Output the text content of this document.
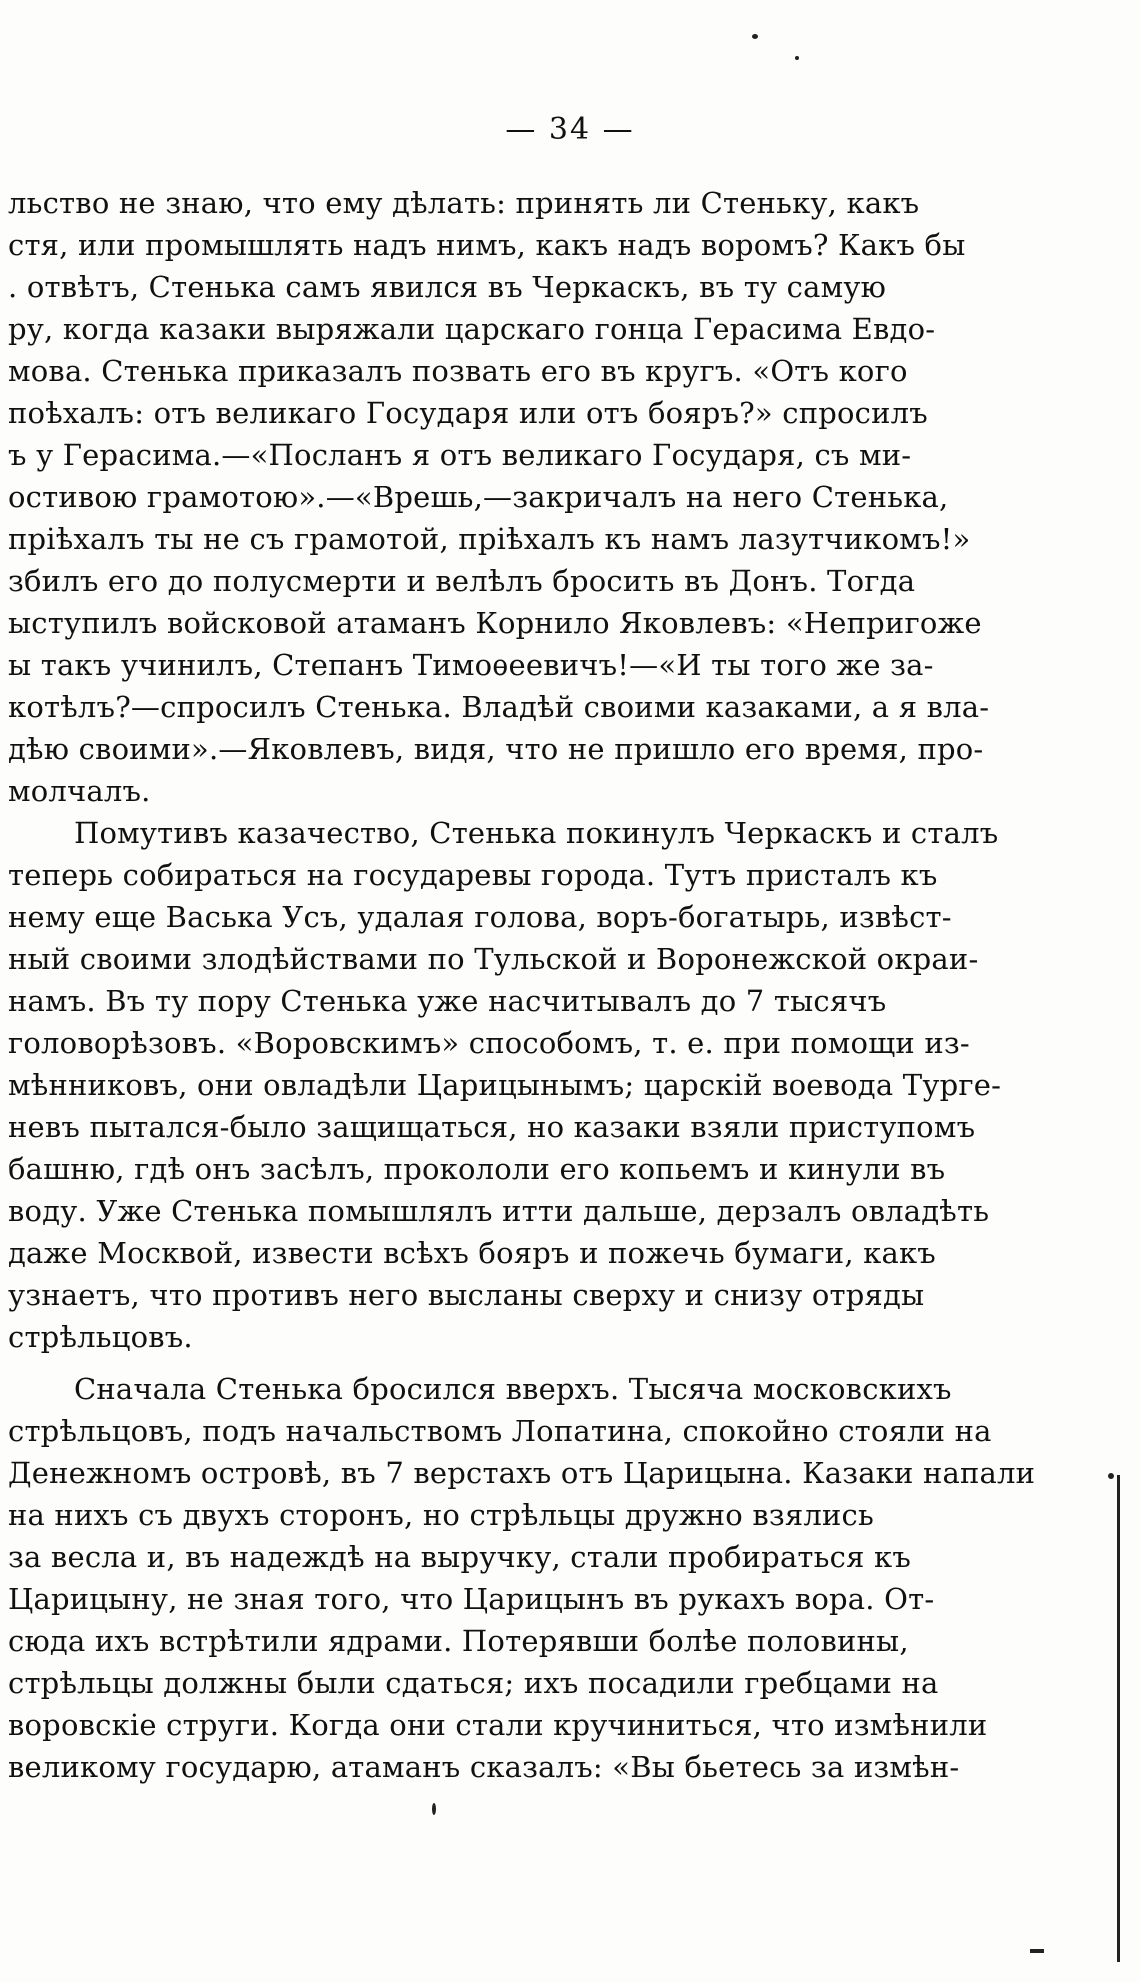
— 34 —
льство не знаю, что ему дѣлать: принять ли Стеньку, какъ
стя, или промышлять надъ нимъ, какъ надъ воромъ? Какъ бы
. отвѣтъ, Стенька самъ явился въ Черкаскъ, въ ту самую
ру, когда казаки выряжали царскаго гонца Герасима Евдо-
мова. Стенька приказалъ позвать его въ кругъ. «Отъ кого
поѣхалъ: отъ великаго Государя или отъ бояръ?» спросилъ
ъ у Герасима.—«Посланъ я отъ великаго Государя, съ ми-
остивою грамотою».—«Врешь,—закричалъ на него Стенька,
пріѣхалъ ты не съ грамотой, пріѣхалъ къ намъ лазутчикомъ!»
збилъ его до полусмерти и велѣлъ бросить въ Донъ. Тогда
ыступилъ войсковой атаманъ Корнило Яковлевъ: «Непригоже
ы такъ учинилъ, Степанъ Тимоѳеевичъ!—«И ты того же за-
котѣлъ?—спросилъ Стенька. Владѣй своими казаками, а я вла-
дѣю своими».—Яковлевъ, видя, что не пришло его время, про-
молчалъ.
Помутивъ казачество, Стенька покинулъ Черкаскъ и сталъ
теперь собираться на государевы города. Тутъ присталъ къ
нему еще Васька Усъ, удалая голова, воръ-богатырь, извѣст-
ный своими злодѣйствами по Тульской и Воронежской окраи-
намъ. Въ ту пору Стенька уже насчитывалъ до 7 тысячъ
головорѣзовъ. «Воровскимъ» способомъ, т. е. при помощи из-
мѣнниковъ, они овладѣли Царицынымъ; царскій воевода Турге-
невъ пытался-было защищаться, но казаки взяли приступомъ
башню, гдѣ онъ засѣлъ, прокололи его копьемъ и кинули въ
воду. Уже Стенька помышлялъ итти дальше, дерзалъ овладѣть
даже Москвой, извести всѣхъ бояръ и пожечь бумаги, какъ
узнаетъ, что противъ него высланы сверху и снизу отряды
стрѣльцовъ.
Сначала Стенька бросился вверхъ. Тысяча московскихъ
стрѣльцовъ, подъ начальствомъ Лопатина, спокойно стояли на
Денежномъ островѣ, въ 7 верстахъ отъ Царицына. Казаки напали
на нихъ съ двухъ сторонъ, но стрѣльцы дружно взялись
за весла и, въ надеждѣ на выручку, стали пробираться къ
Царицыну, не зная того, что Царицынъ въ рукахъ вора. От-
сюда ихъ встрѣтили ядрами. Потерявши болѣе половины,
стрѣльцы должны были сдаться; ихъ посадили гребцами на
воровскіе струги. Когда они стали кручиниться, что измѣнили
великому государю, атаманъ сказалъ: «Вы бьетесь за измѣн-
